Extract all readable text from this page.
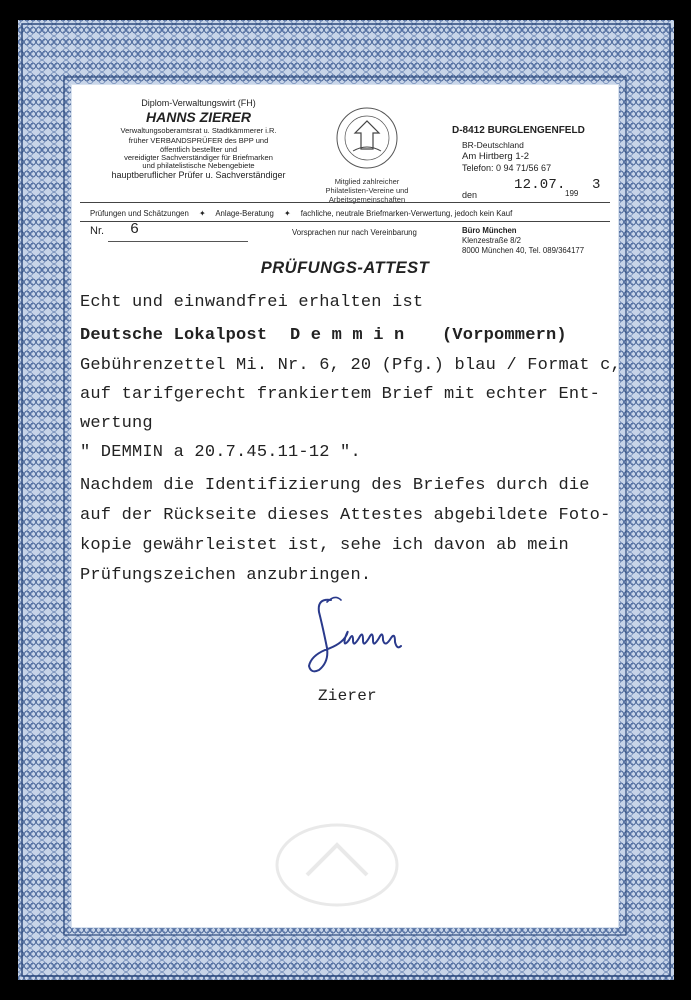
Diplom-Verwaltungswirt (FH)
HANNS ZIERER
Verwaltungsoberamtsrat u. Stadtkämmerer i.R.
früher VERBANDSPRÜFER des BPP und
öffentlich bestellter und
vereidigter Sachverständiger für Briefmarken
und philatelistische Nebengebiete
hauptberuflicher Prüfer u. Sachverständiger
Mitglied zahlreicher
Philatelisten-Vereine und
Arbeitsgemeinschaften
D-8412 BURGLENGENFELD
BR-Deutschland
Am Hirtberg 1-2
Telefon: 0 94 71/56 67
den
12.07.
199
3
Prüfungen und Schätzungen ✦ Anlage-Beratung ✦ fachliche, neutrale Briefmarken-Verwertung, jedoch kein Kauf
Nr. 6	Vorsprachen nur nach Vereinbarung	Büro München
Klenzestraße 8/2
8000 München 40, Tel. 089/364177
PRÜFUNGS-ATTEST
Echt und einwandfrei erhalten ist
Deutsche Lokalpost D e m m i n (Vorpommern)
Gebührenzettel Mi. Nr. 6, 20 (Pfg.) blau / Format c,
auf tarifgerecht frankiertem Brief mit echter Ent-
wertung
" DEMMIN a 20.7.45.11-12 ".
Nachdem die Identifizierung des Briefes durch die
auf der Rückseite dieses Attestes abgebildete Foto-
kopie gewährleistet ist, sehe ich davon ab mein
Prüfungszeichen anzubringen.
Zierer
